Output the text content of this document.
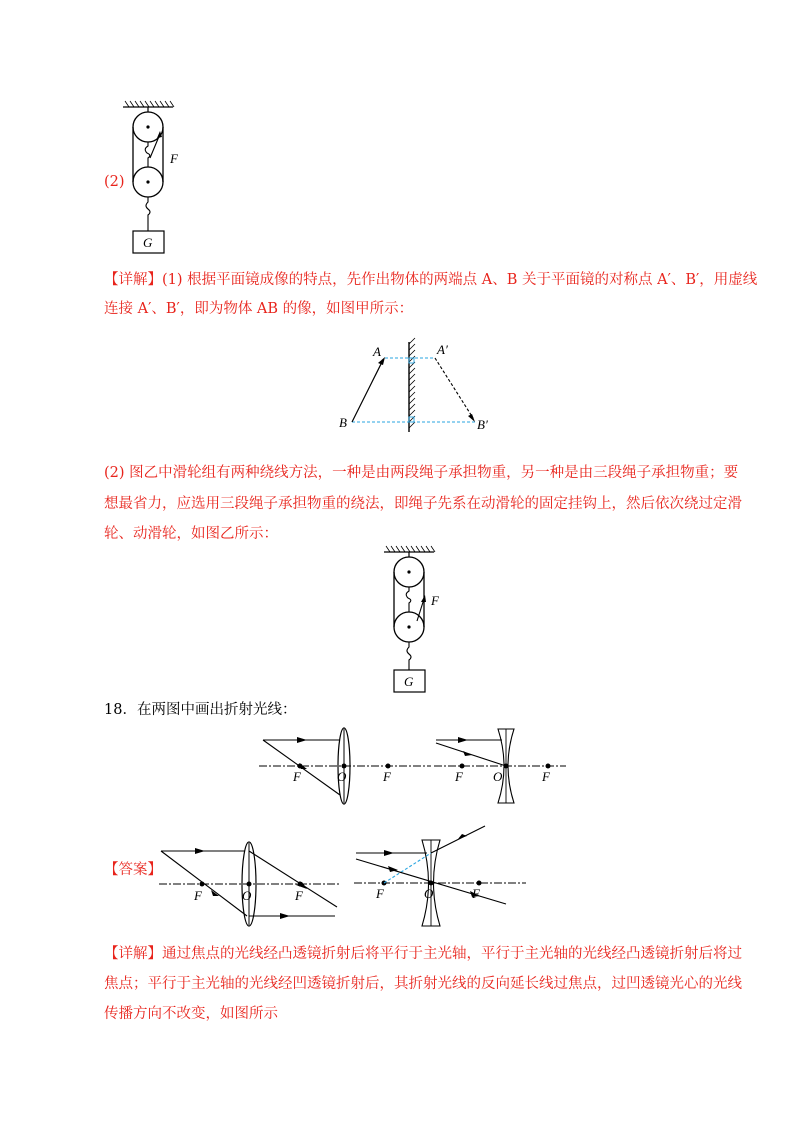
(2)
F
G
【详解】(1) 根据平面镜成像的特点，先作出物体的两端点 A、B 关于平面镜的对称点 A′、B′，用虚线
连接 A′、B′，即为物体 AB 的像，如图甲所示：
A	A′
B	B′
(2) 图乙中滑轮组有两种绕线方法，一种是由两段绳子承担物重，另一种是由三段绳子承担物重；要
想最省力，应选用三段绳子承担物重的绕法，即绳子先系在动滑轮的固定挂钩上，然后依次绕过定滑
轮、动滑轮，如图乙所示：
F
G
18．在两图中画出折射光线：
F	O	F	F O	F
【答案】
F	O	F	F	O	F
【详解】通过焦点的光线经凸透镜折射后将平行于主光轴，平行于主光轴的光线经凸透镜折射后将过
焦点；平行于主光轴的光线经凹透镜折射后，其折射光线的反向延长线过焦点，过凹透镜光心的光线
传播方向不改变，如图所示
